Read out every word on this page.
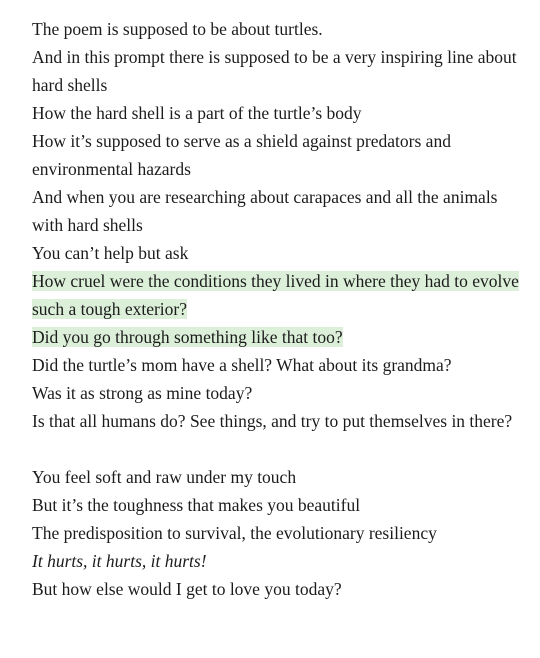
The poem is supposed to be about turtles.
And in this prompt there is supposed to be a very inspiring line about hard shells
How the hard shell is a part of the turtle’s body
How it’s supposed to serve as a shield against predators and environmental hazards
And when you are researching about carapaces and all the animals with hard shells
You can’t help but ask
How cruel were the conditions they lived in where they had to evolve such a tough exterior?
Did you go through something like that too?
Did the turtle’s mom have a shell? What about its grandma?
Was it as strong as mine today?
Is that all humans do? See things, and try to put themselves in there?
You feel soft and raw under my touch
But it’s the toughness that makes you beautiful
The predisposition to survival, the evolutionary resiliency
It hurts, it hurts, it hurts!
But how else would I get to love you today?
